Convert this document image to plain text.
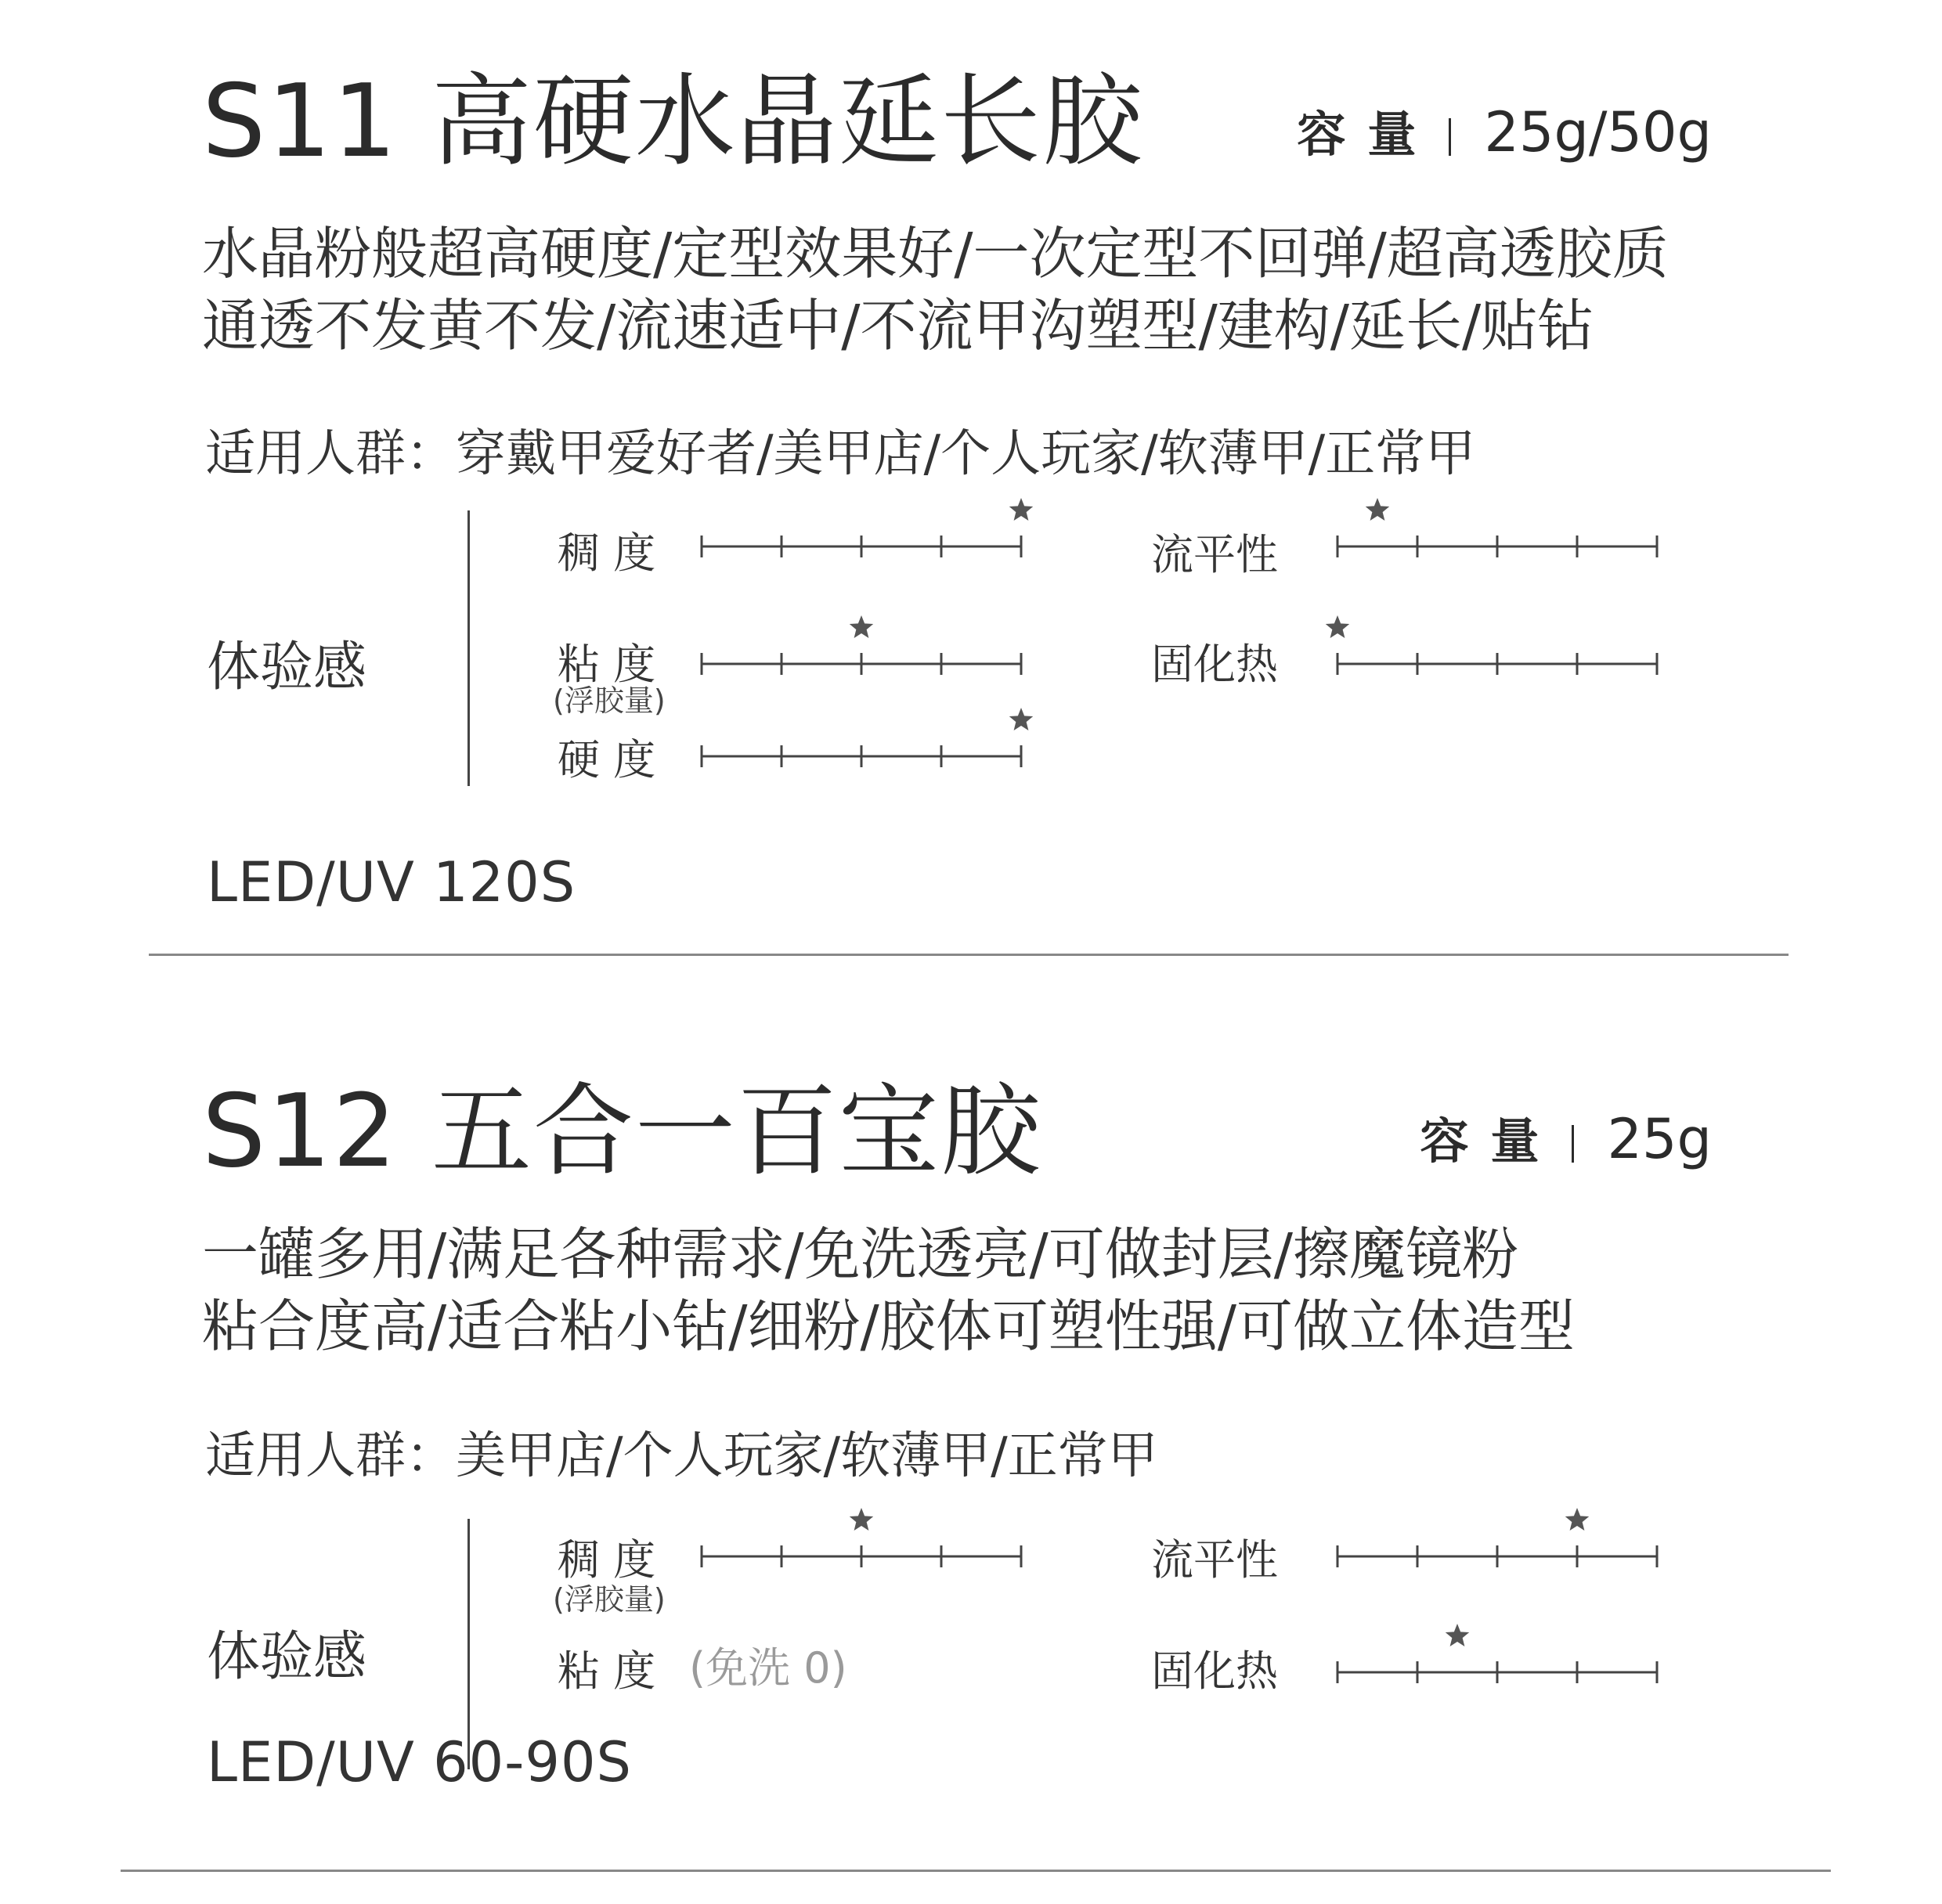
S11 高硬水晶延长胶	容量 25g/50g
水晶粉般超高硬度/定型效果好/一次定型不回弹/超高透胶质
通透不发黄不发/流速适中/不流甲沟塑型/建构/延长/贴钻
适用人群：穿戴甲爱好者/美甲店/个人玩家/软薄甲/正常甲
体验感
稠 度
粘 度
(浮胶量)
硬 度
流平性
固化热
LED/UV 120S
S12 五合一百宝胶	容量 25g
一罐多用/满足各种需求/免洗透亮/可做封层/擦魔镜粉
粘合度高/适合粘小钻/细粉/胶体可塑性强/可做立体造型
适用人群：美甲店/个人玩家/软薄甲/正常甲
体验感
稠 度
(浮胶量)
粘 度 (免洗 0)
流平性
固化热
LED/UV 60-90S
